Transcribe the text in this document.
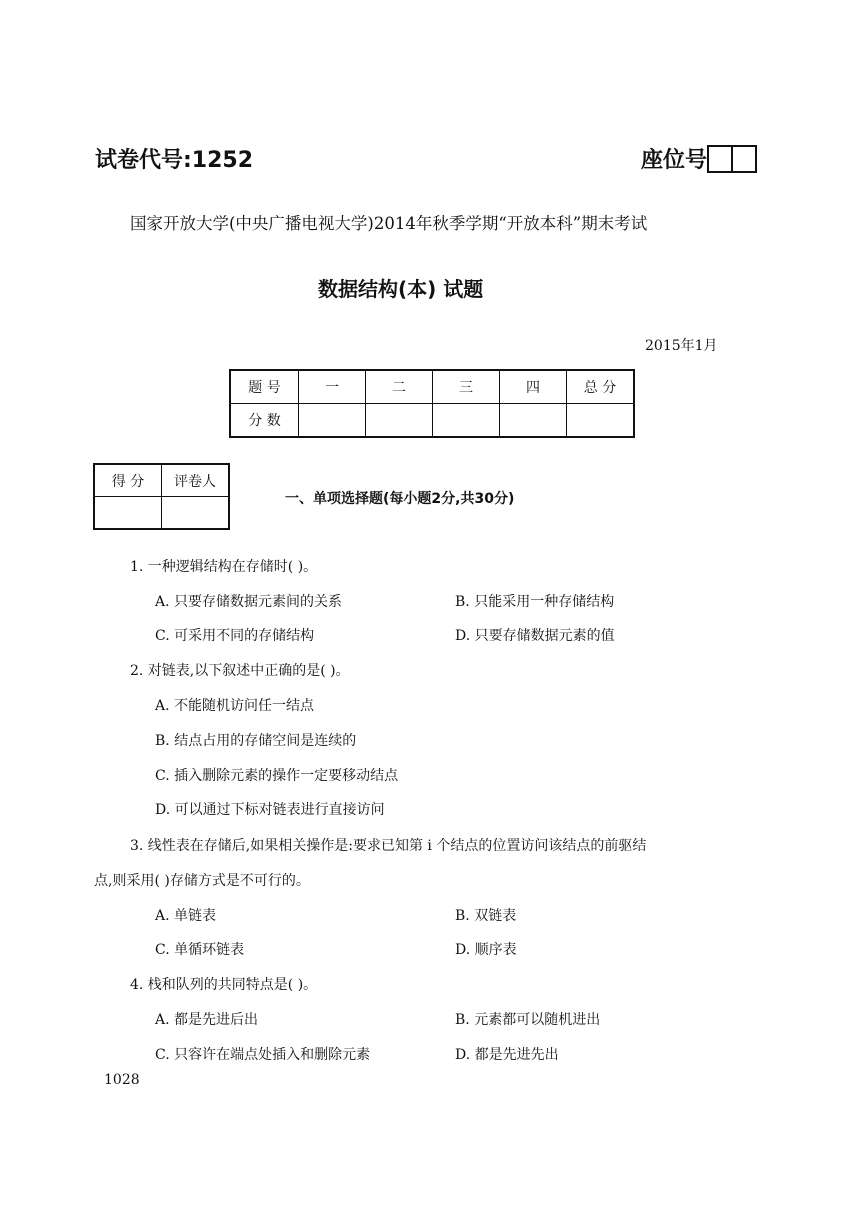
试卷代号:1252	座位号
国家开放大学(中央广播电视大学)2014年秋季学期“开放本科”期末考试
数据结构(本) 试题
2015年1月
题 号	一	二	三	四	总 分
分 数					
得 分	评卷人

一、单项选择题(每小题2分,共30分)
1. 一种逻辑结构在存储时( )。
A. 只要存储数据元素间的关系	B. 只能采用一种存储结构
C. 可采用不同的存储结构	D. 只要存储数据元素的值
2. 对链表,以下叙述中正确的是( )。
A. 不能随机访问任一结点
B. 结点占用的存储空间是连续的
C. 插入删除元素的操作一定要移动结点
D. 可以通过下标对链表进行直接访问
3. 线性表在存储后,如果相关操作是:要求已知第 i 个结点的位置访问该结点的前驱结
点,则采用( )存储方式是不可行的。
A. 单链表	B. 双链表
C. 单循环链表	D. 顺序表
4. 栈和队列的共同特点是( )。
A. 都是先进后出	B. 元素都可以随机进出
C. 只容许在端点处插入和删除元素	D. 都是先进先出
1028
